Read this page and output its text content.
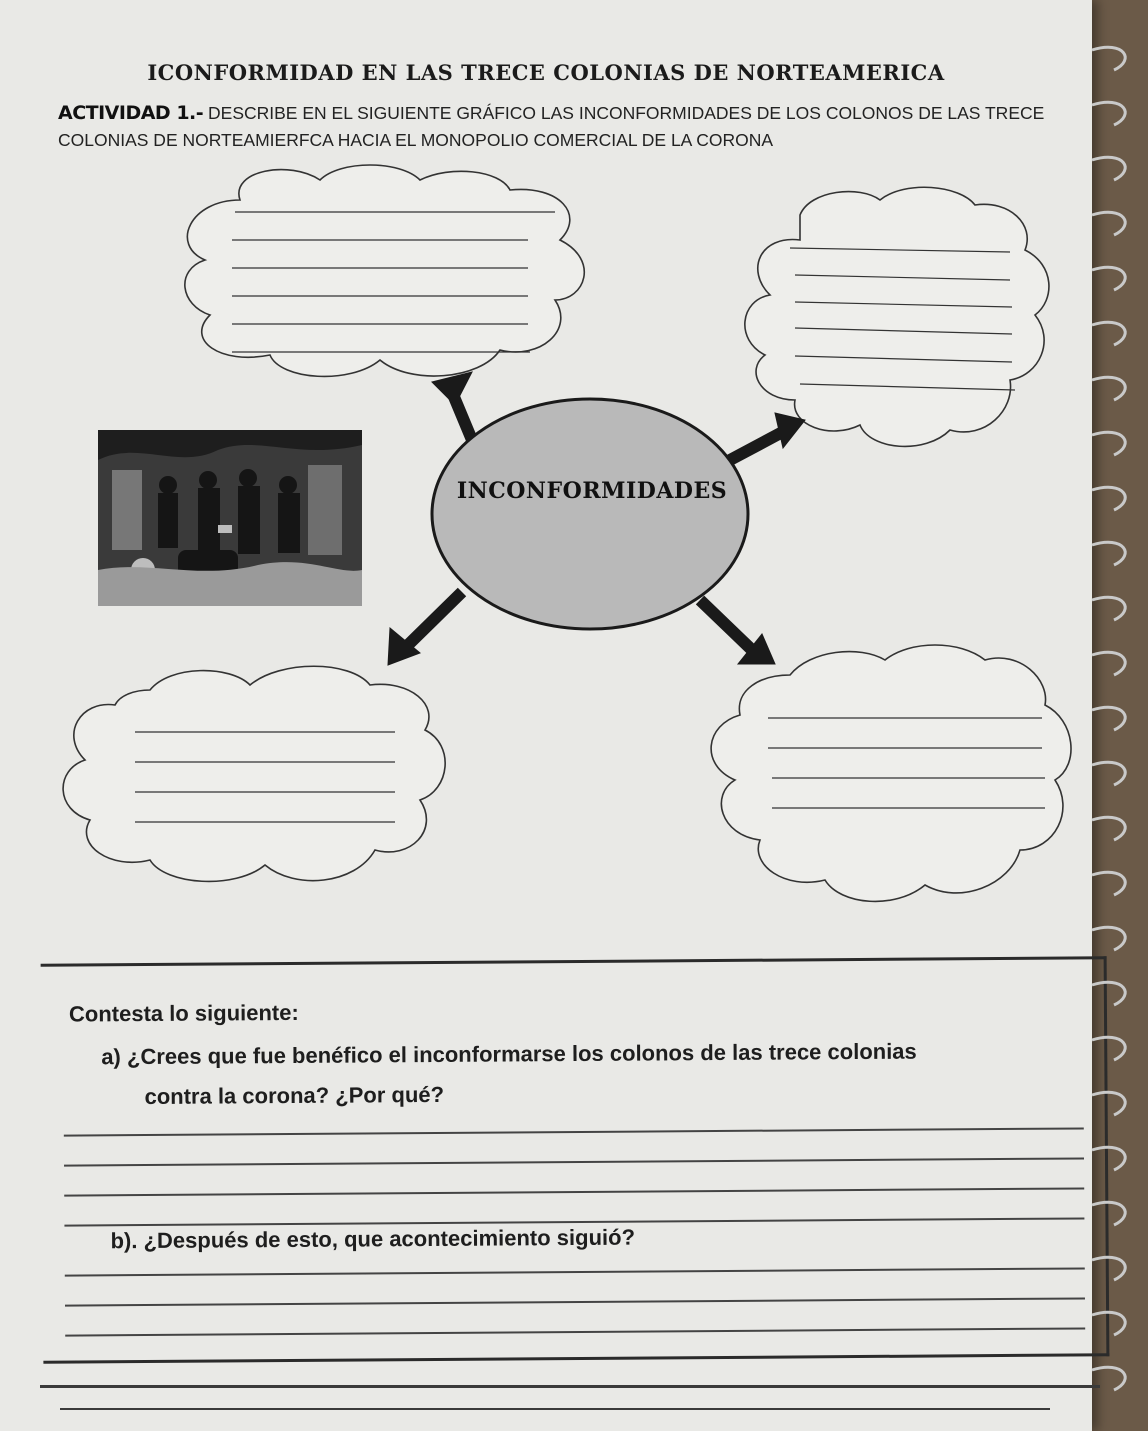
ICONFORMIDAD EN LAS TRECE COLONIAS DE NORTEAMERICA
ACTIVIDAD 1.- DESCRIBE EN EL SIGUIENTE GRÁFICO LAS INCONFORMIDADES DE LOS COLONOS DE LAS TRECE COLONIAS DE NORTEAMIERFCA HACIA EL MONOPOLIO COMERCIAL DE LA CORONA
INCONFORMIDADES

Contesta lo siguiente:

a) ¿Crees que fue benéfico el inconformarse los colonos de las trece colonias
contra la corona? ¿Por qué?
b). ¿Después de esto, que acontecimiento siguió?
